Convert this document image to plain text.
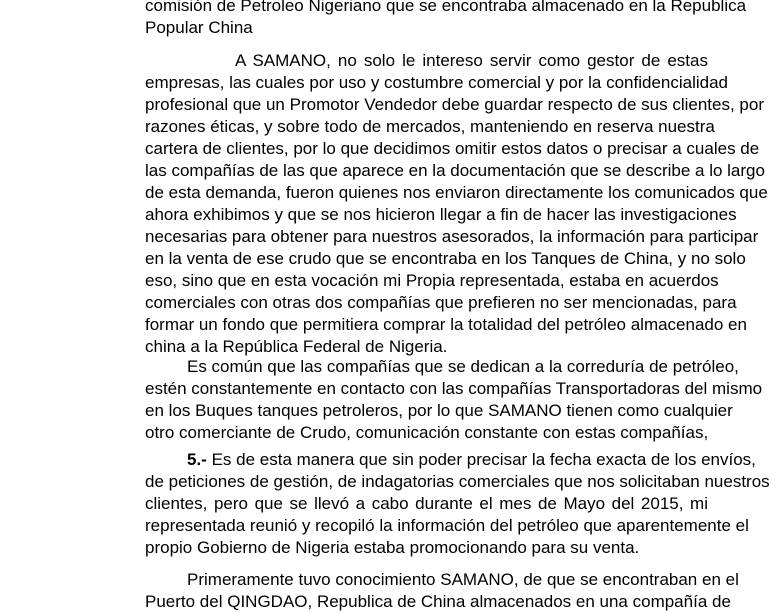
comisión de Petroleo Nigeriano que se encontraba almacenado en la Republica
Popular China
A SAMANO, no solo le intereso servir como gestor de estas
empresas, las cuales por uso y costumbre comercial y por la confidencialidad
profesional que un Promotor Vendedor debe guardar respecto de sus clientes, por
razones éticas, y sobre todo de mercados, manteniendo en reserva nuestra
cartera de clientes, por lo que decidimos omitir estos datos o precisar a cuales de
las compañías de las que aparece en la documentación que se describe a lo largo
de esta demanda, fueron quienes nos enviaron directamente los comunicados que
ahora exhibimos y que se nos hicieron llegar a fin de hacer las investigaciones
necesarias para obtener para nuestros asesorados, la información para participar
en la venta de ese crudo que se encontraba en los Tanques de China, y no solo
eso, sino que en esta vocación mi Propia representada, estaba en acuerdos
comerciales con otras dos compañías que prefieren no ser mencionadas, para
formar un fondo que permitiera comprar la totalidad del petróleo almacenado en
china a la República Federal de Nigeria.
Es común que las compañías que se dedican a la correduría de petróleo,
estén constantemente en contacto con las compañías Transportadoras del mismo
en los Buques tanques petroleros, por lo que SAMANO tienen como cualquier
otro comerciante de Crudo, comunicación constante con estas compañías,
5.- Es de esta manera que sin poder precisar la fecha exacta de los envíos,
de peticiones de gestión, de indagatorias comerciales que nos solicitaban nuestros
clientes, pero que se llevó a cabo durante el mes de Mayo del 2015, mi
representada reunió y recopiló la información del petróleo que aparentemente el
propio Gobierno de Nigeria estaba promocionando para su venta.
Primeramente tuvo conocimiento SAMANO, de que se encontraban en el
Puerto del QINGDAO, Republica de China almacenados en una compañía de
